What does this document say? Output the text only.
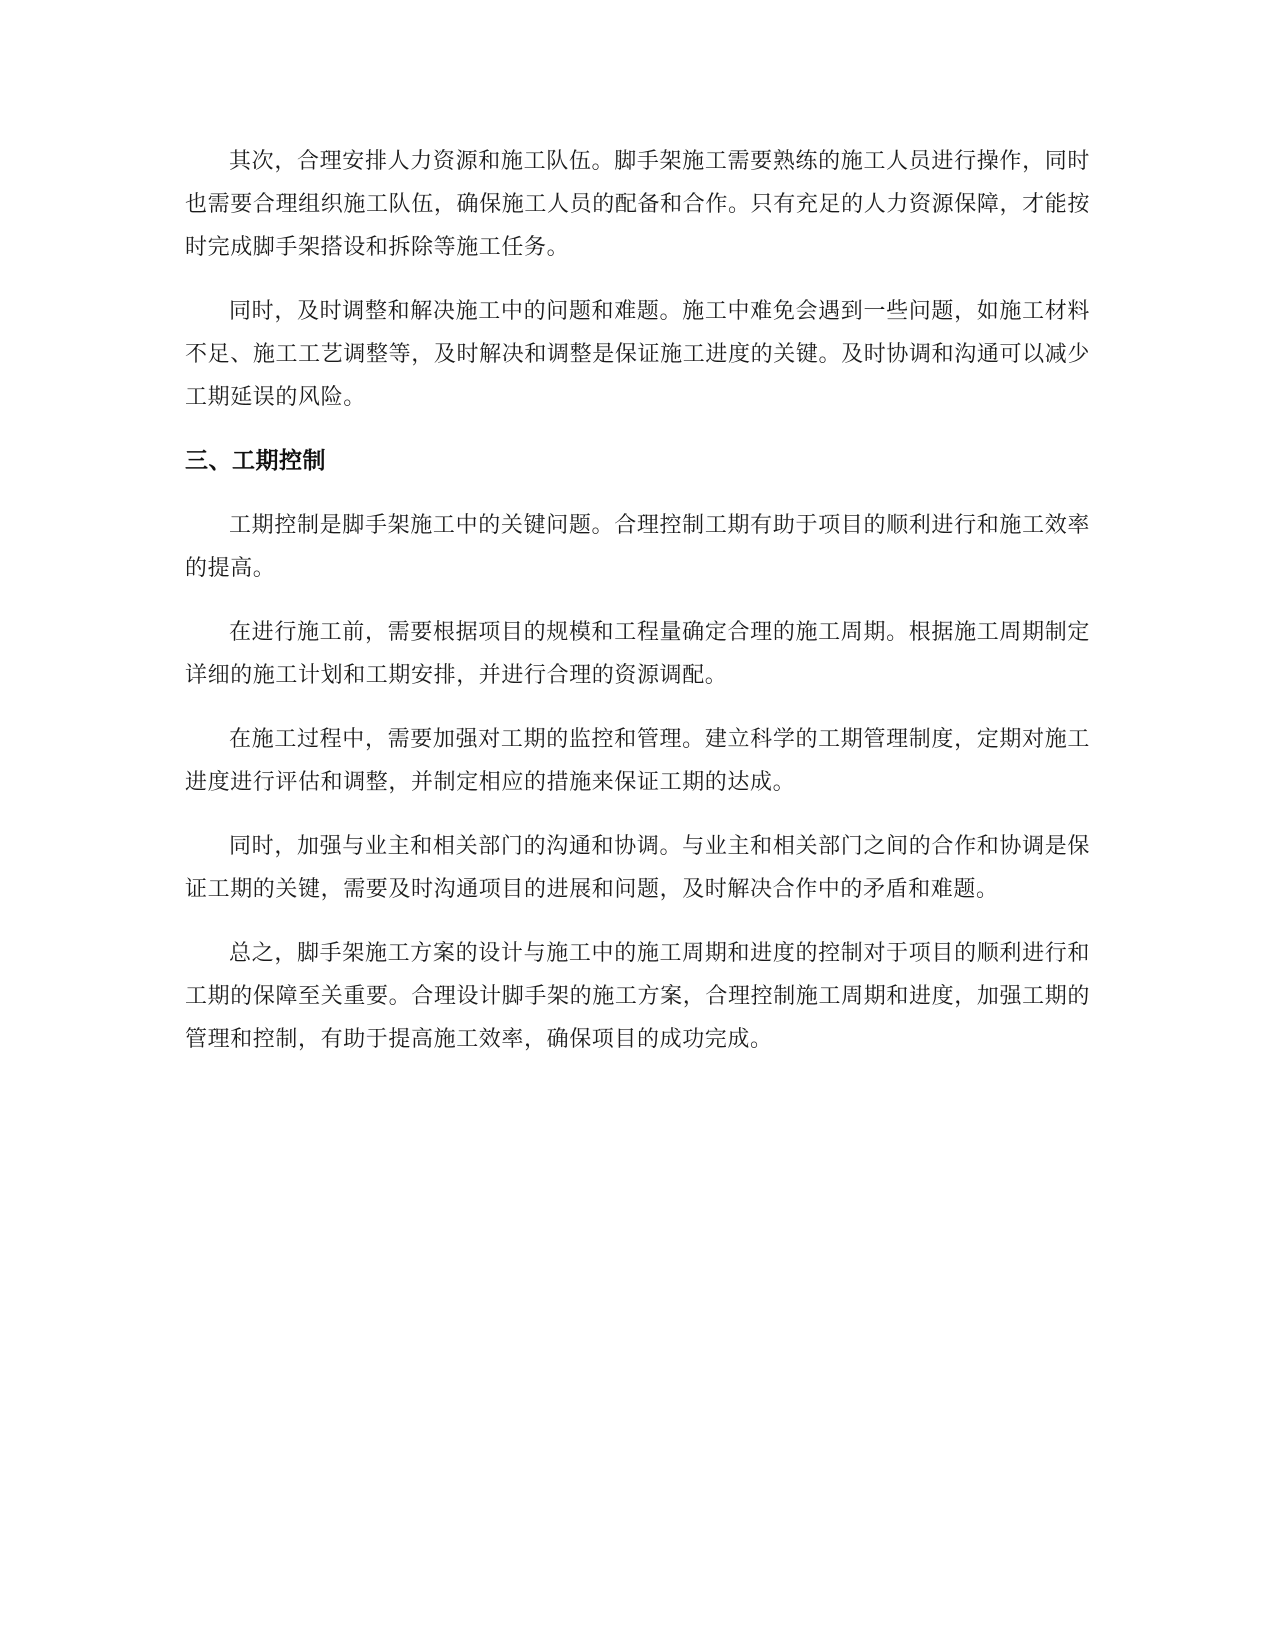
其次，合理安排人力资源和施工队伍。脚手架施工需要熟练的施工人员进行操作，同时也需要合理组织施工队伍，确保施工人员的配备和合作。只有充足的人力资源保障，才能按时完成脚手架搭设和拆除等施工任务。

同时，及时调整和解决施工中的问题和难题。施工中难免会遇到一些问题，如施工材料不足、施工工艺调整等，及时解决和调整是保证施工进度的关键。及时协调和沟通可以减少工期延误的风险。

三、工期控制

工期控制是脚手架施工中的关键问题。合理控制工期有助于项目的顺利进行和施工效率的提高。

在进行施工前，需要根据项目的规模和工程量确定合理的施工周期。根据施工周期制定详细的施工计划和工期安排，并进行合理的资源调配。

在施工过程中，需要加强对工期的监控和管理。建立科学的工期管理制度，定期对施工进度进行评估和调整，并制定相应的措施来保证工期的达成。

同时，加强与业主和相关部门的沟通和协调。与业主和相关部门之间的合作和协调是保证工期的关键，需要及时沟通项目的进展和问题，及时解决合作中的矛盾和难题。

总之，脚手架施工方案的设计与施工中的施工周期和进度的控制对于项目的顺利进行和工期的保障至关重要。合理设计脚手架的施工方案，合理控制施工周期和进度，加强工期的管理和控制，有助于提高施工效率，确保项目的成功完成。
